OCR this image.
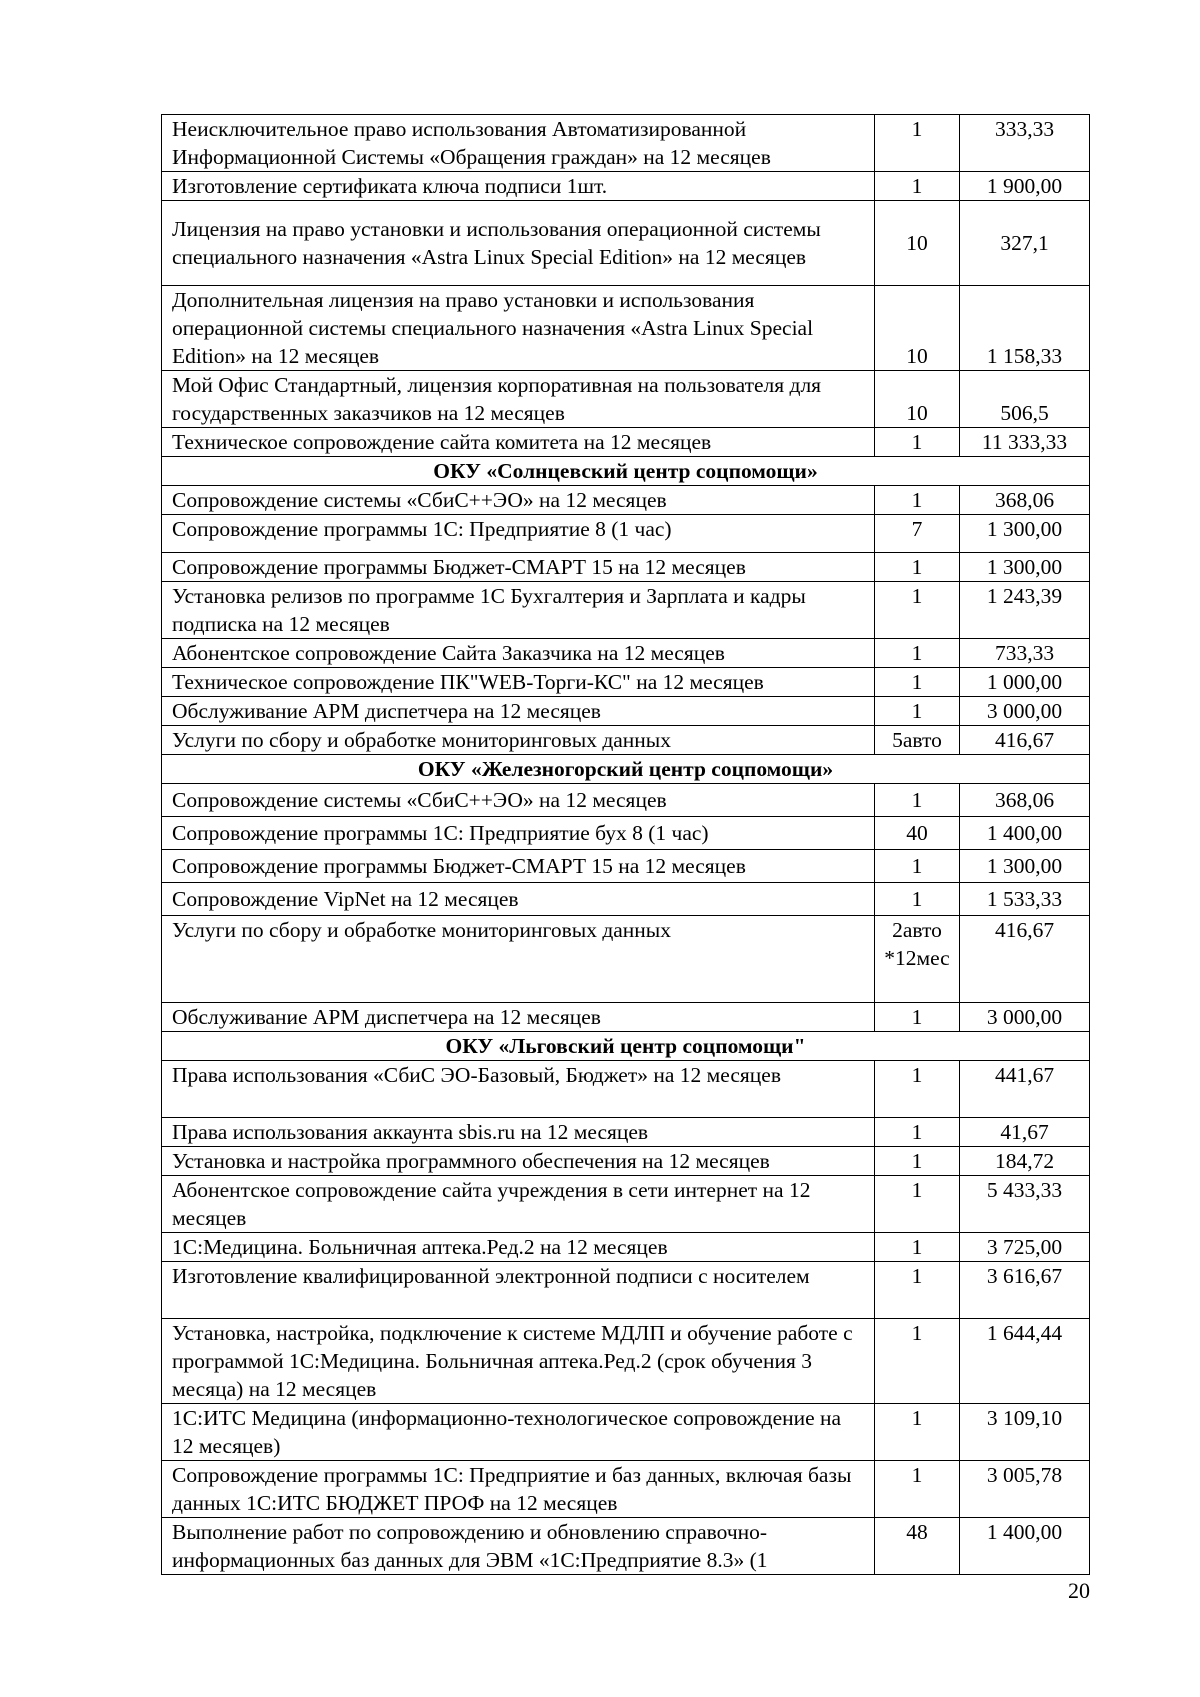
Неисключительное право использования Автоматизированной Информационной Системы «Обращения граждан» на 12 месяцев	1	333,33
Изготовление сертификата ключа подписи 1шт.	1	1 900,00
Лицензия на право установки и использования операционной системы специального назначения «Astra Linux Special Edition» на 12 месяцев	10	327,1
Дополнительная лицензия на право установки и использования операционной системы специального назначения «Astra Linux Special Edition» на 12 месяцев	10	1 158,33
Мой Офис Стандартный, лицензия корпоративная на пользователя для государственных заказчиков на 12 месяцев	10	506,5
Техническое сопровождение сайта комитета на 12 месяцев	1	11 333,33
ОКУ «Солнцевский центр соцпомощи»		
Сопровождение системы «СбиС++ЭО» на 12 месяцев	1	368,06
Сопровождение программы 1С: Предприятие 8 (1 час)	7	1 300,00
Сопровождение программы Бюджет-СМАРТ 15 на 12 месяцев	1	1 300,00
Установка релизов по программе 1С Бухгалтерия и Зарплата и кадры подписка на 12 месяцев	1	1 243,39
Абонентское сопровождение Сайта Заказчика на 12 месяцев	1	733,33
Техническое сопровождение ПК"WEB-Торги-КС" на 12 месяцев	1	1 000,00
Обслуживание АРМ диспетчера на 12 месяцев	1	3 000,00
Услуги по сбору и обработке мониторинговых данных	5авто	416,67
ОКУ «Железногорский центр соцпомощи»		
Сопровождение системы «СбиС++ЭО» на 12 месяцев	1	368,06
Сопровождение программы 1С: Предприятие бух 8 (1 час)	40	1 400,00
Сопровождение программы Бюджет-СМАРТ 15 на 12 месяцев	1	1 300,00
Сопровождение VipNet на 12 месяцев	1	1 533,33
Услуги по сбору и обработке мониторинговых данных	2авто *12мес	416,67
Обслуживание АРМ диспетчера на 12 месяцев	1	3 000,00
ОКУ «Льговский центр соцпомощи"		
Права использования «СбиС ЭО-Базовый, Бюджет» на 12 месяцев	1	441,67
Права использования аккаунта sbis.ru на 12 месяцев	1	41,67
Установка и настройка программного обеспечения на 12 месяцев	1	184,72
Абонентское сопровождение сайта учреждения в сети интернет на 12 месяцев	1	5 433,33
1С:Медицина. Больничная аптека.Ред.2 на 12 месяцев	1	3 725,00
Изготовление квалифицированной электронной подписи с носителем	1	3 616,67
Установка, настройка, подключение к системе МДЛП и обучение работе с программой 1С:Медицина. Больничная аптека.Ред.2 (срок обучения 3 месяца) на 12 месяцев	1	1 644,44
1С:ИТС Медицина (информационно-технологическое сопровождение на 12 месяцев)	1	3 109,10
Сопровождение программы 1С: Предприятие и баз данных, включая базы данных 1С:ИТС БЮДЖЕТ ПРОФ на 12 месяцев	1	3 005,78
Выполнение работ по сопровождению и обновлению справочно-информационных баз данных для ЭВМ «1С:Предприятие 8.3» (1	48	1 400,00
20
